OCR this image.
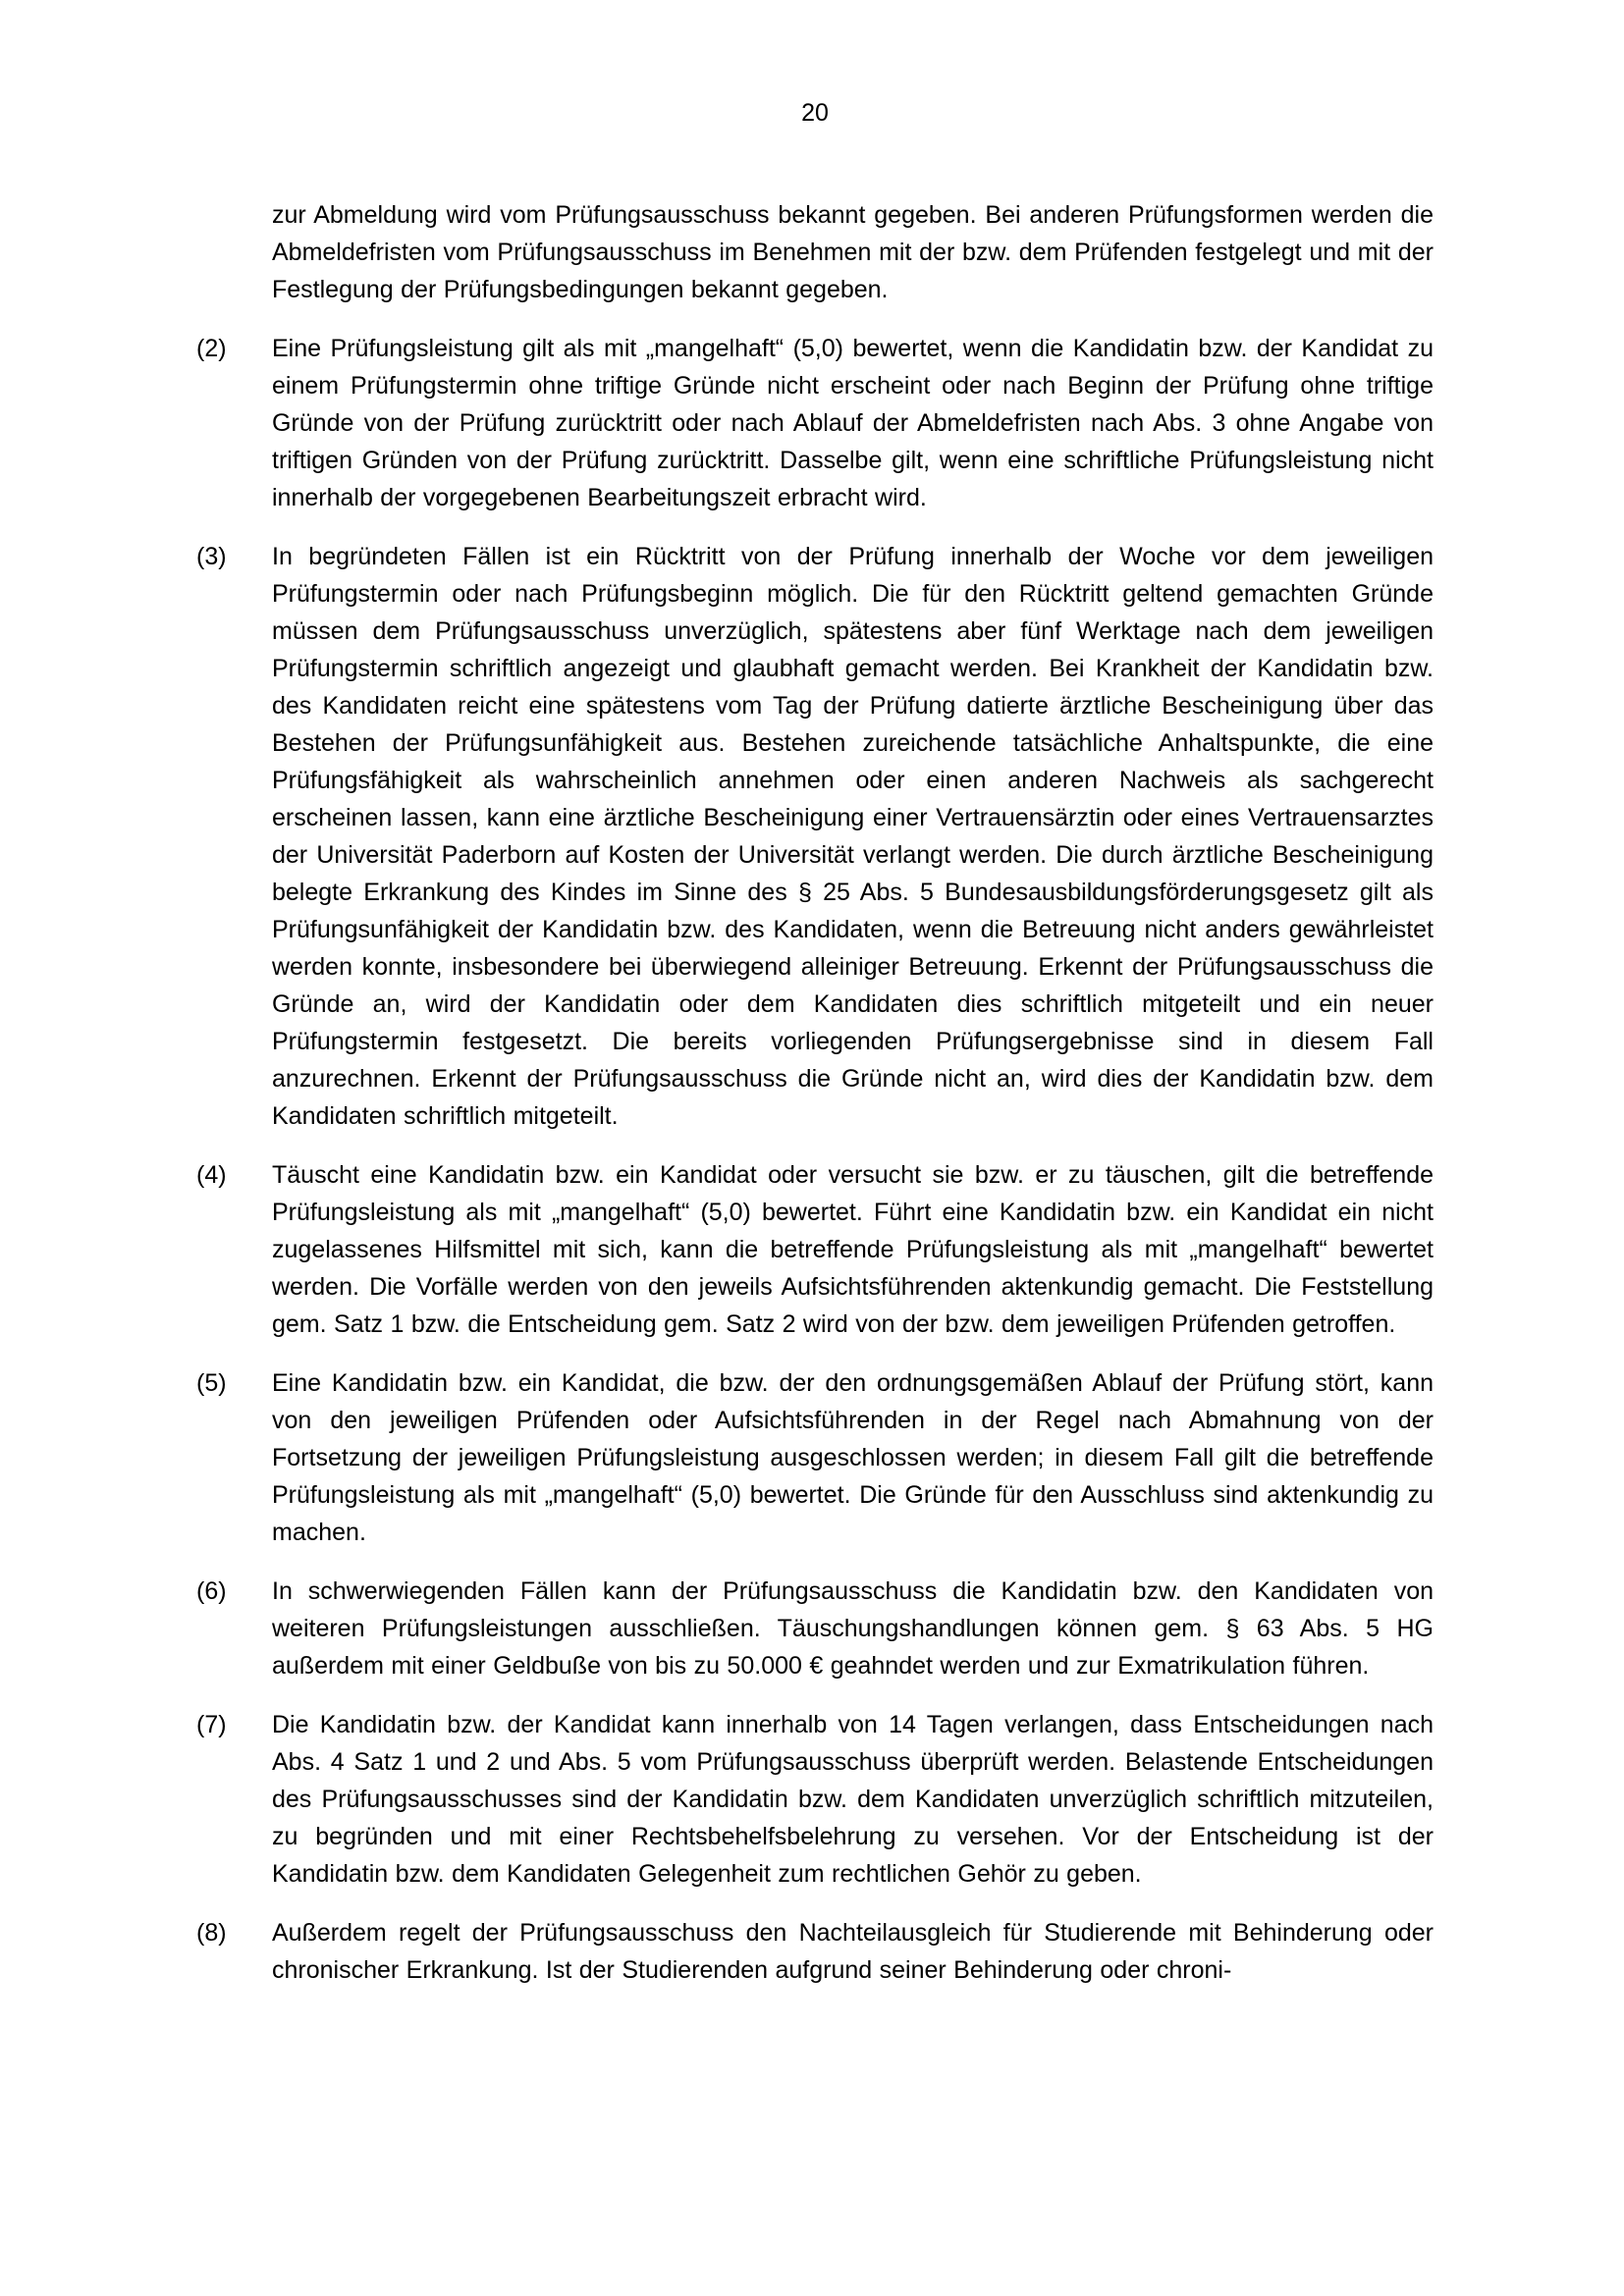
20
zur Abmeldung wird vom Prüfungsausschuss bekannt gegeben. Bei anderen Prüfungsformen werden die Abmeldefristen vom Prüfungsausschuss im Benehmen mit der bzw. dem Prüfenden festgelegt und mit der Festlegung der Prüfungsbedingungen bekannt gegeben.
(2)	Eine Prüfungsleistung gilt als mit „mangelhaft“ (5,0) bewertet, wenn die Kandidatin bzw. der Kandidat zu einem Prüfungstermin ohne triftige Gründe nicht erscheint oder nach Beginn der Prüfung ohne triftige Gründe von der Prüfung zurücktritt oder nach Ablauf der Abmeldefristen nach Abs. 3 ohne Angabe von triftigen Gründen von der Prüfung zurücktritt. Dasselbe gilt, wenn eine schriftliche Prüfungsleistung nicht innerhalb der vorgegebenen Bearbeitungszeit erbracht wird.
(3)	In begründeten Fällen ist ein Rücktritt von der Prüfung innerhalb der Woche vor dem jeweiligen Prüfungstermin oder nach Prüfungsbeginn möglich. Die für den Rücktritt geltend gemachten Gründe müssen dem Prüfungsausschuss unverzüglich, spätestens aber fünf Werktage nach dem jeweiligen Prüfungstermin schriftlich angezeigt und glaubhaft gemacht werden. Bei Krankheit der Kandidatin bzw. des Kandidaten reicht eine spätestens vom Tag der Prüfung datierte ärztliche Bescheinigung über das Bestehen der Prüfungsunfähigkeit aus. Bestehen zureichende tatsächliche Anhaltspunkte, die eine Prüfungsfähigkeit als wahrscheinlich annehmen oder einen anderen Nachweis als sachgerecht erscheinen lassen, kann eine ärztliche Bescheinigung einer Vertrauensärztin oder eines Vertrauensarztes der Universität Paderborn auf Kosten der Universität verlangt werden. Die durch ärztliche Bescheinigung belegte Erkrankung des Kindes im Sinne des § 25 Abs. 5 Bundesausbildungsförderungsgesetz gilt als Prüfungsunfähigkeit der Kandidatin bzw. des Kandidaten, wenn die Betreuung nicht anders gewährleistet werden konnte, insbesondere bei überwiegend alleiniger Betreuung. Erkennt der Prüfungsausschuss die Gründe an, wird der Kandidatin oder dem Kandidaten dies schriftlich mitgeteilt und ein neuer Prüfungstermin festgesetzt. Die bereits vorliegenden Prüfungsergebnisse sind in diesem Fall anzurechnen. Erkennt der Prüfungsausschuss die Gründe nicht an, wird dies der Kandidatin bzw. dem Kandidaten schriftlich mitgeteilt.
(4)	Täuscht eine Kandidatin bzw. ein Kandidat oder versucht sie bzw. er zu täuschen, gilt die betreffende Prüfungsleistung als mit „mangelhaft“ (5,0) bewertet. Führt eine Kandidatin bzw. ein Kandidat ein nicht zugelassenes Hilfsmittel mit sich, kann die betreffende Prüfungsleistung als mit „mangelhaft“ bewertet werden. Die Vorfälle werden von den jeweils Aufsichtsführenden aktenkundig gemacht. Die Feststellung gem. Satz 1 bzw. die Entscheidung gem. Satz 2 wird von der bzw. dem jeweiligen Prüfenden getroffen.
(5)	Eine Kandidatin bzw. ein Kandidat, die bzw. der den ordnungsgemäßen Ablauf der Prüfung stört, kann von den jeweiligen Prüfenden oder Aufsichtsführenden in der Regel nach Abmahnung von der Fortsetzung der jeweiligen Prüfungsleistung ausgeschlossen werden; in diesem Fall gilt die betreffende Prüfungsleistung als mit „mangelhaft“ (5,0) bewertet. Die Gründe für den Ausschluss sind aktenkundig zu machen.
(6)	In schwerwiegenden Fällen kann der Prüfungsausschuss die Kandidatin bzw. den Kandidaten von weiteren Prüfungsleistungen ausschließen. Täuschungshandlungen können gem. § 63 Abs. 5 HG außerdem mit einer Geldbuße von bis zu 50.000 € geahndet werden und zur Exmatrikulation führen.
(7)	Die Kandidatin bzw. der Kandidat kann innerhalb von 14 Tagen verlangen, dass Entscheidungen nach Abs. 4 Satz 1 und 2 und Abs. 5 vom Prüfungsausschuss überprüft werden. Belastende Entscheidungen des Prüfungsausschusses sind der Kandidatin bzw. dem Kandidaten unverzüglich schriftlich mitzuteilen, zu begründen und mit einer Rechtsbehelfsbelehrung zu versehen. Vor der Entscheidung ist der Kandidatin bzw. dem Kandidaten Gelegenheit zum rechtlichen Gehör zu geben.
(8)	Außerdem regelt der Prüfungsausschuss den Nachteilausgleich für Studierende mit Behinderung oder chronischer Erkrankung. Ist der Studierenden aufgrund seiner Behinderung oder chroni-
